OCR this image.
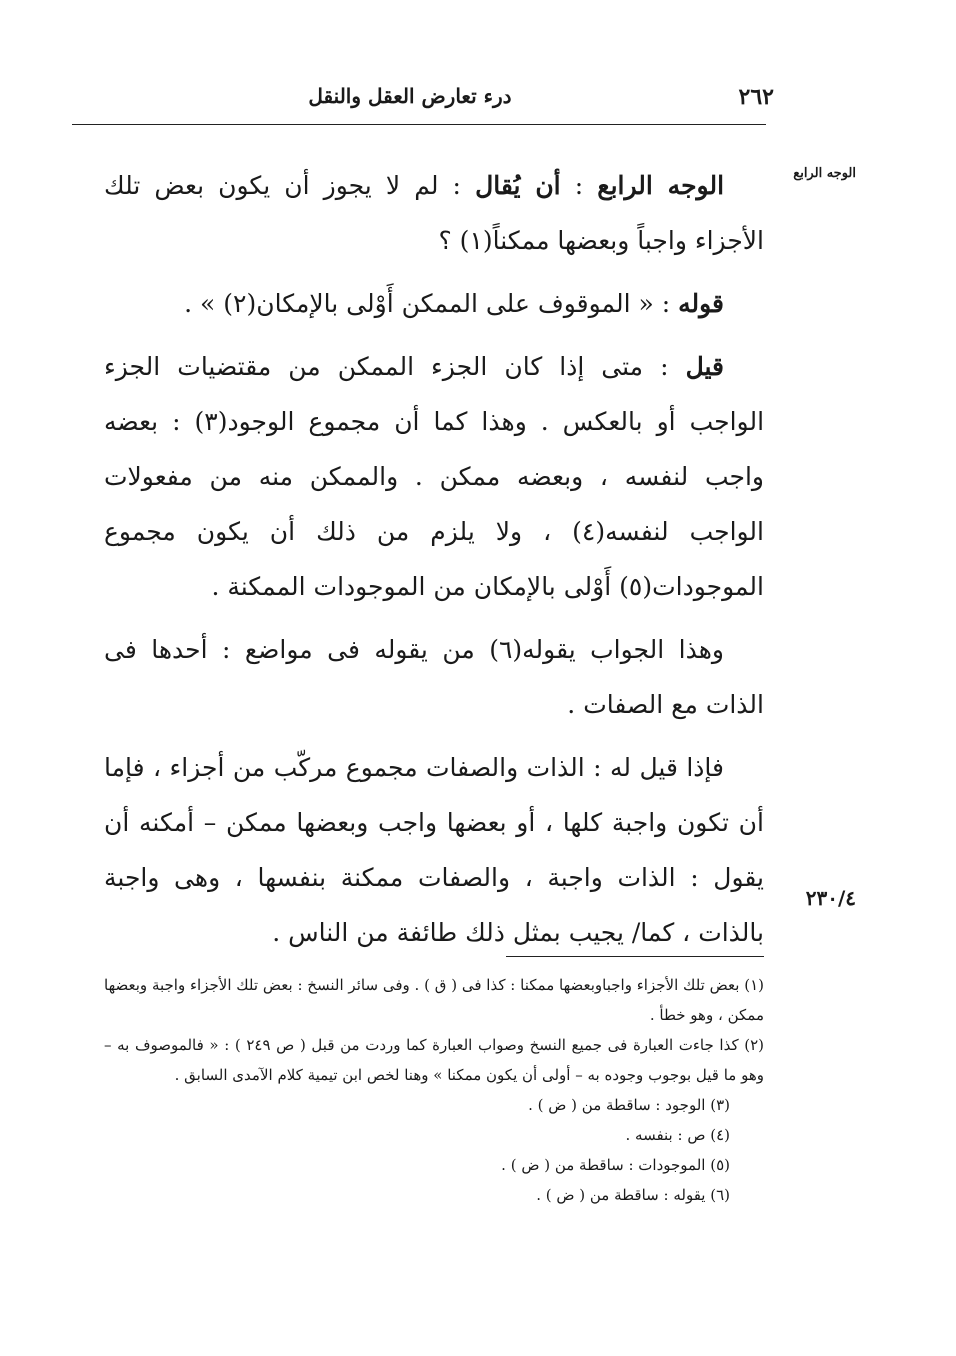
٢٦٢
درء تعارض العقل والنقل
الوجه الرابع
٢٣٠/٤

الوجه الرابع : أن يُقال : لم لا يجوز أن يكون بعض تلك الأجزاء واجباً وبعضها ممكناً(١) ؟

قوله : « الموقوف على الممكن أَوْلى بالإمكان(٢) » .

قيل : متى إذا كان الجزء الممكن من مقتضيات الجزء الواجب أو بالعكس . وهذا كما أن مجموع الوجود(٣) : بعضه واجب لنفسه ، وبعضه ممكن . والممكن منه من مفعولات الواجب لنفسه(٤) ، ولا يلزم من ذلك أن يكون مجموع الموجودات(٥) أَوْلى بالإمكان من الموجودات الممكنة .

وهذا الجواب يقوله(٦) من يقوله فى مواضع : أحدها فى الذات مع الصفات .

فإذا قيل له : الذات والصفات مجموع مركّب من أجزاء ، فإما أن تكون واجبة كلها ، أو بعضها واجب وبعضها ممكن – أمكنه أن يقول : الذات واجبة ، والصفات ممكنة بنفسها ، وهى واجبة بالذات ، كما/ يجيب بمثل ذلك طائفة من الناس .

(١) بعض تلك الأجزاء واجباوبعضها ممكنا : كذا فى ( ق ) . وفى سائر النسخ : بعض تلك الأجزاء واجبة وبعضها ممكن ، وهو خطأ .
(٢) كذا جاءت العبارة فى جميع النسخ وصواب العبارة كما وردت من قبل ( ص ٢٤٩ ) : « فالموصوف به – وهو ما قيل بوجوب وجوده به – أولى أن يكون ممكنا » وهنا لخص ابن تيمية كلام الآمدى السابق .
(٣) الوجود : ساقطة من ( ض ) .
(٤) ص : بنفسه .
(٥) الموجودات : ساقطة من ( ض ) .
(٦) يقوله : ساقطة من ( ض ) .
